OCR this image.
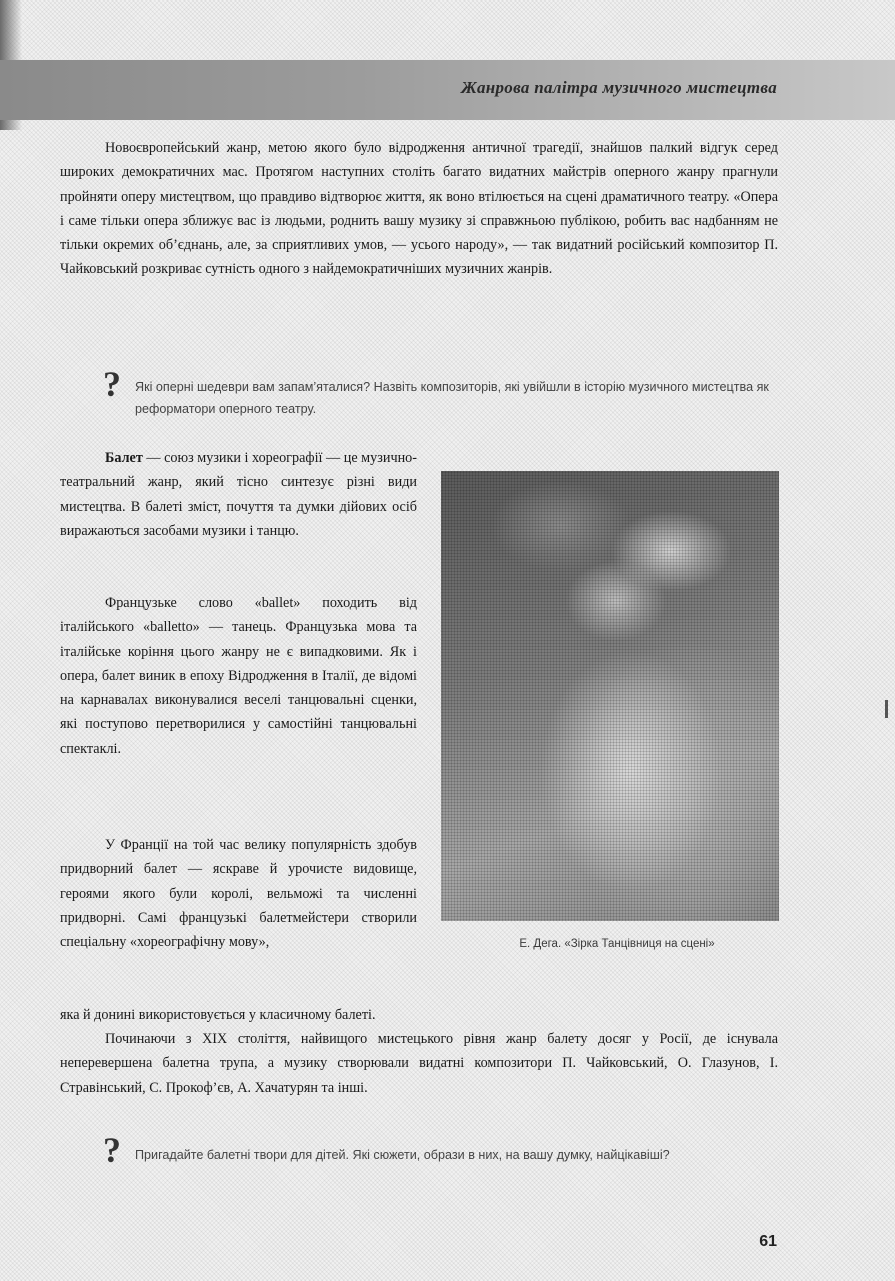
Жанрова палітра музичного мистецтва

Новоєвропейський жанр, метою якого було відродження античної трагедії, знайшов палкий відгук серед широких демократичних мас. Протягом наступних століть багато видатних майстрів оперного жанру прагнули пройняти оперу мистецтвом, що правдиво відтворює життя, як воно втілюється на сцені драматичного театру. «Опера і саме тільки опера зближує вас із людьми, роднить вашу музику зі справжньою публікою, робить вас надбанням не тільки окремих об’єднань, але, за сприятливих умов, — усього народу», — так видатний російський композитор П. Чайковський розкриває сутність одного з найдемократичніших музичних жанрів.

? Які оперні шедеври вам запам’яталися? Назвіть композиторів, які увійшли в історію музичного мистецтва як реформатори оперного театру.

Балет — союз музики і хореографії — це музично-театральний жанр, який тісно синтезує різні види мистецтва. В балеті зміст, почуття та думки дійових осіб виражаються засобами музики і танцю.

Французьке слово «ballet» походить від італійського «balletto» — танець. Французька мова та італійське коріння цього жанру не є випадковими. Як і опера, балет виник в епоху Відродження в Італії, де відомі на карнавалах виконувалися веселі танцювальні сценки, які поступово перетворилися у самостійні танцювальні спектаклі.

У Франції на той час велику популярність здобув придворний балет — яскраве й урочисте видовище, героями якого були королі, вельможі та численні придворні. Самі французькі балетмейстери створили спеціальну «хореографічну мову»,	Е. Дега. «Зірка Танцівниця на сцені»

яка й донині використовується у класичному балеті.

Починаючи з XIX століття, найвищого мистецького рівня жанр балету досяг у Росії, де існувала неперевершена балетна трупа, а музику створювали видатні композитори П. Чайковський, О. Глазунов, І. Стравінський, С. Прокоф’єв, А. Хачатурян та інші.

? Пригадайте балетні твори для дітей. Які сюжети, образи в них, на вашу думку, найцікавіші?
61
